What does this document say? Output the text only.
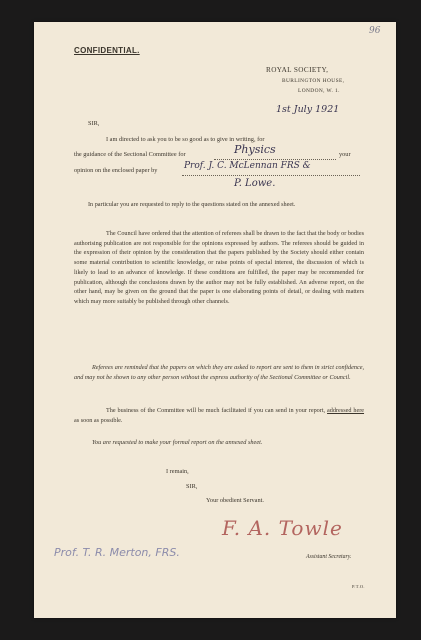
96
CONFIDENTIAL.
ROYAL SOCIETY,
BURLINGTON HOUSE,
LONDON, W. 1.
1st July 1921
SIR,
I am directed to ask you to be so good as to give in writing, for
the guidance of the Sectional Committee for	Physics	your
opinion on the enclosed paper by	Prof. J. C. McLennan FRS &
P. Lowe.
In particular you are requested to reply to the questions stated on the annexed sheet.
The Council have ordered that the attention of referees shall be drawn to the fact that the body or bodies authorising publication are not responsible for the opinions expressed by authors. The referees should be guided in the expression of their opinion by the consideration that the papers published by the Society should either contain some material contribution to scientific knowledge, or raise points of special interest, the discussion of which is likely to lead to an advance of knowledge. If these conditions are fulfilled, the paper may be recommended for publication, although the conclusions drawn by the author may not be fully established. An adverse report, on the other hand, may be given on the ground that the paper is one elaborating points of detail, or dealing with matters which may more suitably be published through other channels.
Referees are reminded that the papers on which they are asked to report are sent to them in strict confidence, and may not be shown to any other person without the express authority of the Sectional Committee or Council.
The business of the Committee will be much facilitated if you can send in your report, addressed here as soon as possible.
You are requested to make your formal report on the annexed sheet.
I remain,
SIR,
Your obedient Servant.
F. A. Towle
Prof. T. R. Merton, FRS.	Assistant Secretary.
P.T.O.
